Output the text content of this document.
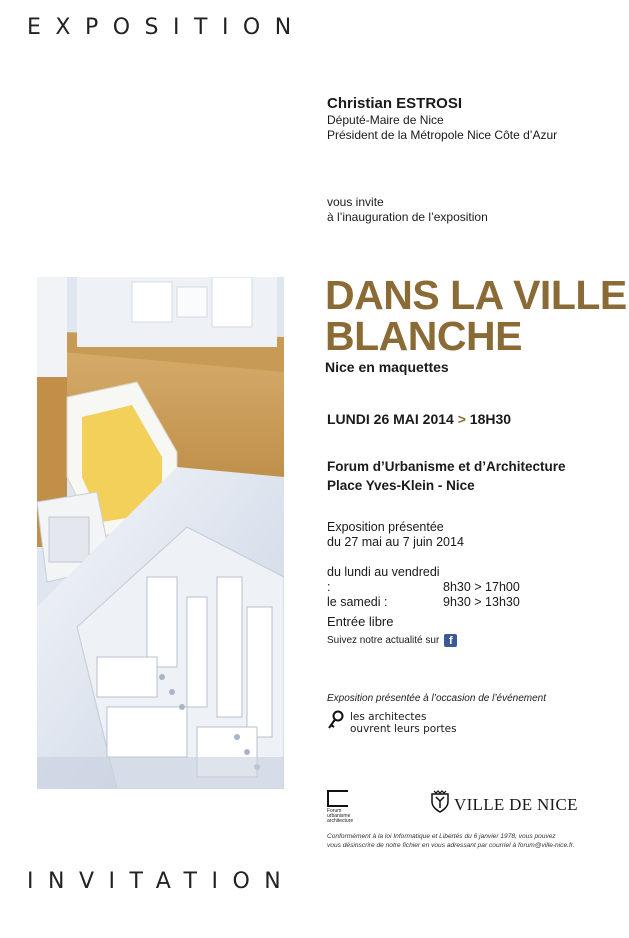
EXPOSITION
INVITATION
Christian ESTROSI
Député-Maire de Nice
Président de la Métropole Nice Côte d’Azur
vous invite
à l’inauguration de l’exposition
DANS LA VILLE
BLANCHE
Nice en maquettes
LUNDI 26 MAI 2014 > 18H30
Forum d’Urbanisme et d’Architecture
Place Yves-Klein - Nice
Exposition présentée
du 27 mai au 7 juin 2014
du lundi au vendredi :	8h30 > 17h00
le samedi :	9h30 > 13h30
Entrée libre
Suivez notre actualité sur f
Exposition présentée à l’occasion de l’événement
les architectes
ouvrent leurs portes
Forum
urbanisme
architecture
VILLE DE NICE
Conformément à la loi Informatique et Libertés du 6 janvier 1978, vous pouvez
vous désinscrire de notre fichier en vous adressant par courriel à forum@ville-nice.fr.
